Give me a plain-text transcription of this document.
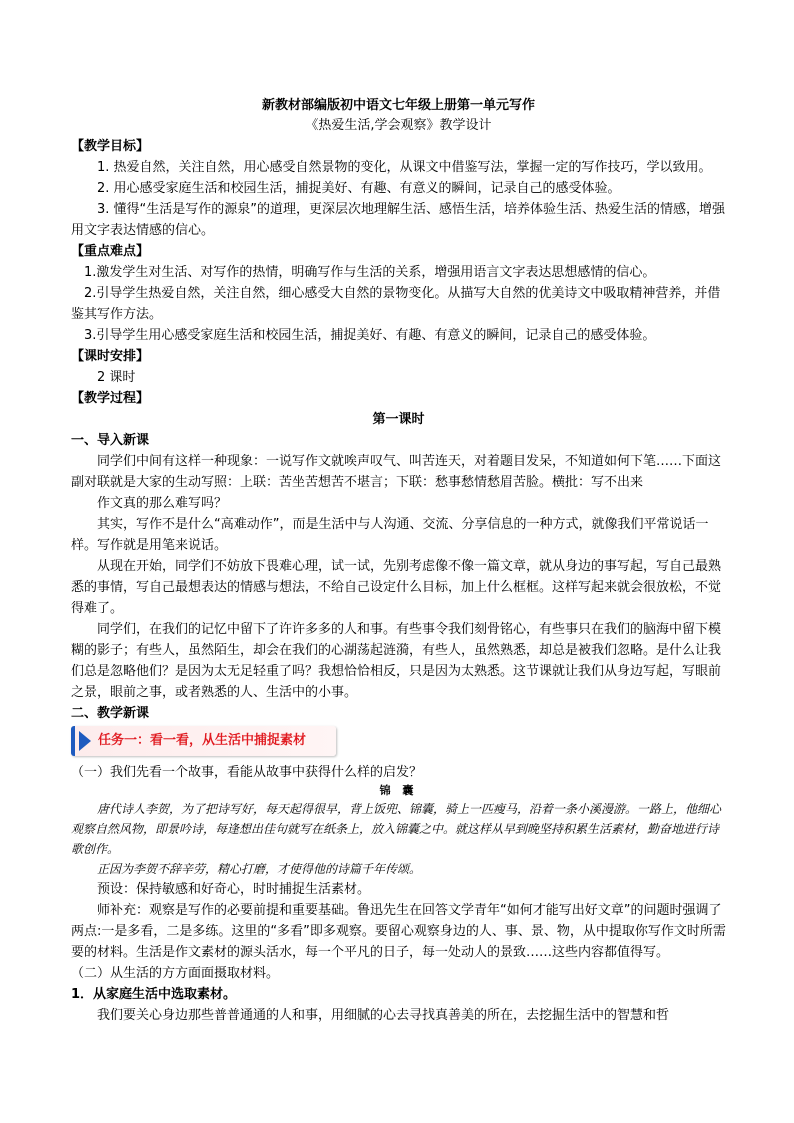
新教材部编版初中语文七年级上册第一单元写作

《热爱生活,学会观察》教学设计

【教学目标】

1. 热爱自然，关注自然，用心感受自然景物的变化，从课文中借鉴写法，掌握一定的写作技巧，学以致用。

2. 用心感受家庭生活和校园生活，捕捉美好、有趣、有意义的瞬间，记录自己的感受体验。

3. 懂得“生活是写作的源泉”的道理，更深层次地理解生活、感悟生活，培养体验生活、热爱生活的情感，增强用文字表达情感的信心。

【重点难点】

1.激发学生对生活、对写作的热情，明确写作与生活的关系，增强用语言文字表达思想感情的信心。

2.引导学生热爱自然，关注自然，细心感受大自然的景物变化。从描写大自然的优美诗文中吸取精神营养，并借鉴其写作方法。

3.引导学生用心感受家庭生活和校园生活，捕捉美好、有趣、有意义的瞬间，记录自己的感受体验。

【课时安排】

2 课时

【教学过程】

第一课时

一、导入新课

同学们中间有这样一种现象：一说写作文就唉声叹气、叫苦连天，对着题目发呆，不知道如何下笔……下面这副对联就是大家的生动写照：上联：苦坐苦想苦不堪言；下联：愁事愁情愁眉苦脸。横批：写不出来

作文真的那么难写吗？

其实，写作不是什么“高难动作”，而是生活中与人沟通、交流、分享信息的一种方式，就像我们平常说话一样。写作就是用笔来说话。

从现在开始，同学们不妨放下畏难心理，试一试，先别考虑像不像一篇文章，就从身边的事写起，写自己最熟悉的事情，写自己最想表达的情感与想法，不给自己设定什么目标，加上什么框框。这样写起来就会很放松，不觉得难了。

同学们，在我们的记忆中留下了许许多多的人和事。有些事令我们刻骨铭心，有些事只在我们的脑海中留下模糊的影子；有些人，虽然陌生，却会在我们的心湖荡起涟漪，有些人，虽然熟悉，却总是被我们忽略。是什么让我们总是忽略他们？是因为太无足轻重了吗？我想恰恰相反，只是因为太熟悉。这节课就让我们从身边写起，写眼前之景，眼前之事，或者熟悉的人、生活中的小事。

二、教学新课

任务一：看一看，从生活中捕捉素材

（一）我们先看一个故事，看能从故事中获得什么样的启发？

锦 囊

唐代诗人李贺，为了把诗写好，每天起得很早，背上饭兜、锦囊，骑上一匹瘦马，沿着一条小溪漫游。一路上，他细心观察自然风物，即景吟诗，每逢想出佳句就写在纸条上，放入锦囊之中。就这样从早到晚坚持积累生活素材，勤奋地进行诗歌创作。

正因为李贺不辞辛劳，精心打磨，才使得他的诗篇千年传颂。

预设：保持敏感和好奇心，时时捕捉生活素材。

师补充：观察是写作的必要前提和重要基础。鲁迅先生在回答文学青年“如何才能写出好文章”的问题时强调了两点:一是多看，二是多练。这里的“多看”即多观察。要留心观察身边的人、事、景、物，从中提取你写作文时所需要的材料。生活是作文素材的源头活水，每一个平凡的日子，每一处动人的景致……这些内容都值得写。

（二）从生活的方方面面摄取材料。

1．从家庭生活中选取素材。

我们要关心身边那些普普通通的人和事，用细腻的心去寻找真善美的所在，去挖掘生活中的智慧和哲
